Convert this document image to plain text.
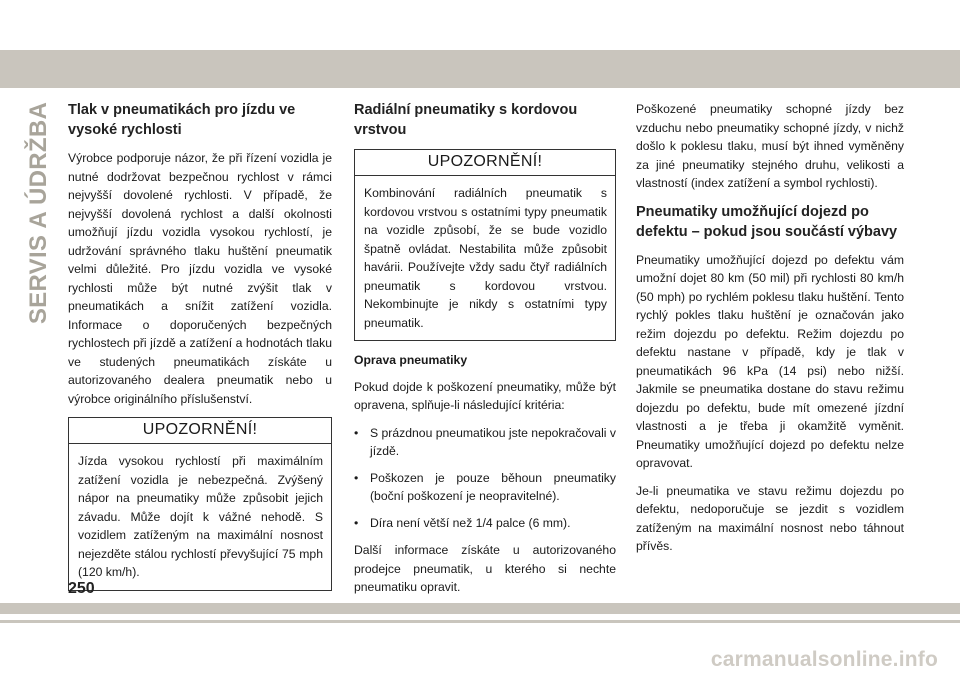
SERVIS A ÚDRŽBA Tlak v pneumatikách pro jízdu ve vysoké rychlosti

Výrobce podporuje názor, že při řízení vozidla je nutné dodržovat bezpečnou rychlost v rámci nejvyšší dovolené rychlosti. V případě, že nejvyšší dovolená rychlost a další okolnosti umožňují jízdu vozidla vysokou rychlostí, je udržování správného tlaku huštění pneumatik velmi důležité. Pro jízdu vozidla ve vysoké rychlosti může být nutné zvýšit tlak v pneumatikách a snížit zatížení vozidla. Informace o doporučených bezpečných rychlostech při jízdě a zatížení a hodnotách tlaku ve studených pneumatikách získáte u autorizovaného dealera pneumatik nebo u výrobce originálního příslušenství.

UPOZORNĚNÍ!
Jízda vysokou rychlostí při maximálním zatížení vozidla je nebezpečná. Zvýšený nápor na pneumatiky může způsobit jejich závadu. Může dojít k vážné nehodě. S vozidlem zatíženým na maximální nosnost nejezděte stálou rychlostí převyšující 75 mph (120 km/h).
Radiální pneumatiky s kordovou vrstvou
UPOZORNĚNÍ!
Kombinování radiálních pneumatik s kordovou vrstvou s ostatními typy pneumatik na vozidle způsobí, že se bude vozidlo špatně ovládat. Nestabilita může způsobit havárii. Používejte vždy sadu čtyř radiálních pneumatik s kordovou vrstvou. Nekombinujte je nikdy s ostatními typy pneumatik.

Oprava pneumatiky

Pokud dojde k poškození pneumatiky, může být opravena, splňuje-li následující kritéria:

• S prázdnou pneumatikou jste nepokračovali v jízdě.
• Poškozen je pouze běhoun pneumatiky (boční poškození je neopravitelné).
• Díra není větší než 1/4 palce (6 mm).

Další informace získáte u autorizovaného prodejce pneumatik, u kterého si nechte pneumatiku opravit.

Poškozené pneumatiky schopné jízdy bez vzduchu nebo pneumatiky schopné jízdy, v nichž došlo k poklesu tlaku, musí být ihned vyměněny za jiné pneumatiky stejného druhu, velikosti a vlastností (index zatížení a symbol rychlosti).

Pneumatiky umožňující dojezd po defektu – pokud jsou součástí výbavy

Pneumatiky umožňující dojezd po defektu vám umožní dojet 80 km (50 mil) při rychlosti 80 km/h (50 mph) po rychlém poklesu tlaku huštění. Tento rychlý pokles tlaku huštění je označován jako režim dojezdu po defektu. Režim dojezdu po defektu nastane v případě, kdy je tlak v pneumatikách 96 kPa (14 psi) nebo nižší. Jakmile se pneumatika dostane do stavu režimu dojezdu po defektu, bude mít omezené jízdní vlastnosti a je třeba ji okamžitě vyměnit. Pneumatiky umožňující dojezd po defektu nelze opravovat.

Je-li pneumatika ve stavu režimu dojezdu po defektu, nedoporučuje se jezdit s vozidlem zatíženým na maximální nosnost nebo táhnout přívěs.

250
carmanualsonline.info
